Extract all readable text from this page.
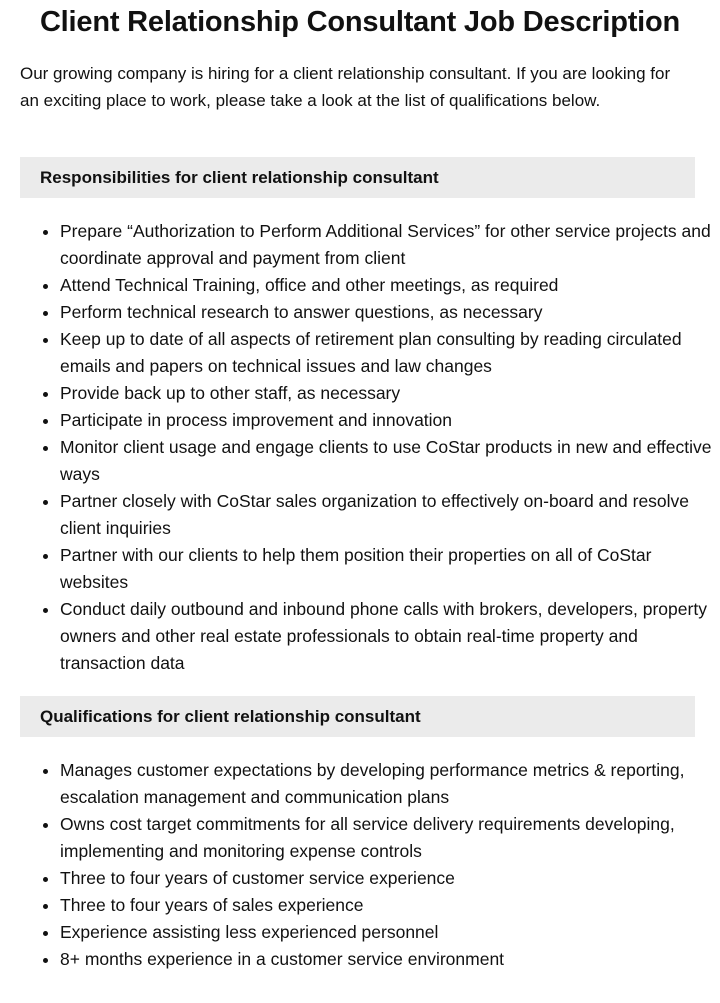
Client Relationship Consultant Job Description

Our growing company is hiring for a client relationship consultant. If you are looking for an exciting place to work, please take a look at the list of qualifications below.

Responsibilities for client relationship consultant
• Prepare “Authorization to Perform Additional Services” for other service projects and coordinate approval and payment from client
• Attend Technical Training, office and other meetings, as required
• Perform technical research to answer questions, as necessary
• Keep up to date of all aspects of retirement plan consulting by reading circulated emails and papers on technical issues and law changes
• Provide back up to other staff, as necessary
• Participate in process improvement and innovation
• Monitor client usage and engage clients to use CoStar products in new and effective ways
• Partner closely with CoStar sales organization to effectively on-board and resolve client inquiries
• Partner with our clients to help them position their properties on all of CoStar websites
• Conduct daily outbound and inbound phone calls with brokers, developers, property owners and other real estate professionals to obtain real-time property and transaction data
Qualifications for client relationship consultant
• Manages customer expectations by developing performance metrics & reporting, escalation management and communication plans
• Owns cost target commitments for all service delivery requirements developing, implementing and monitoring expense controls
• Three to four years of customer service experience
• Three to four years of sales experience
• Experience assisting less experienced personnel
• 8+ months experience in a customer service environment
